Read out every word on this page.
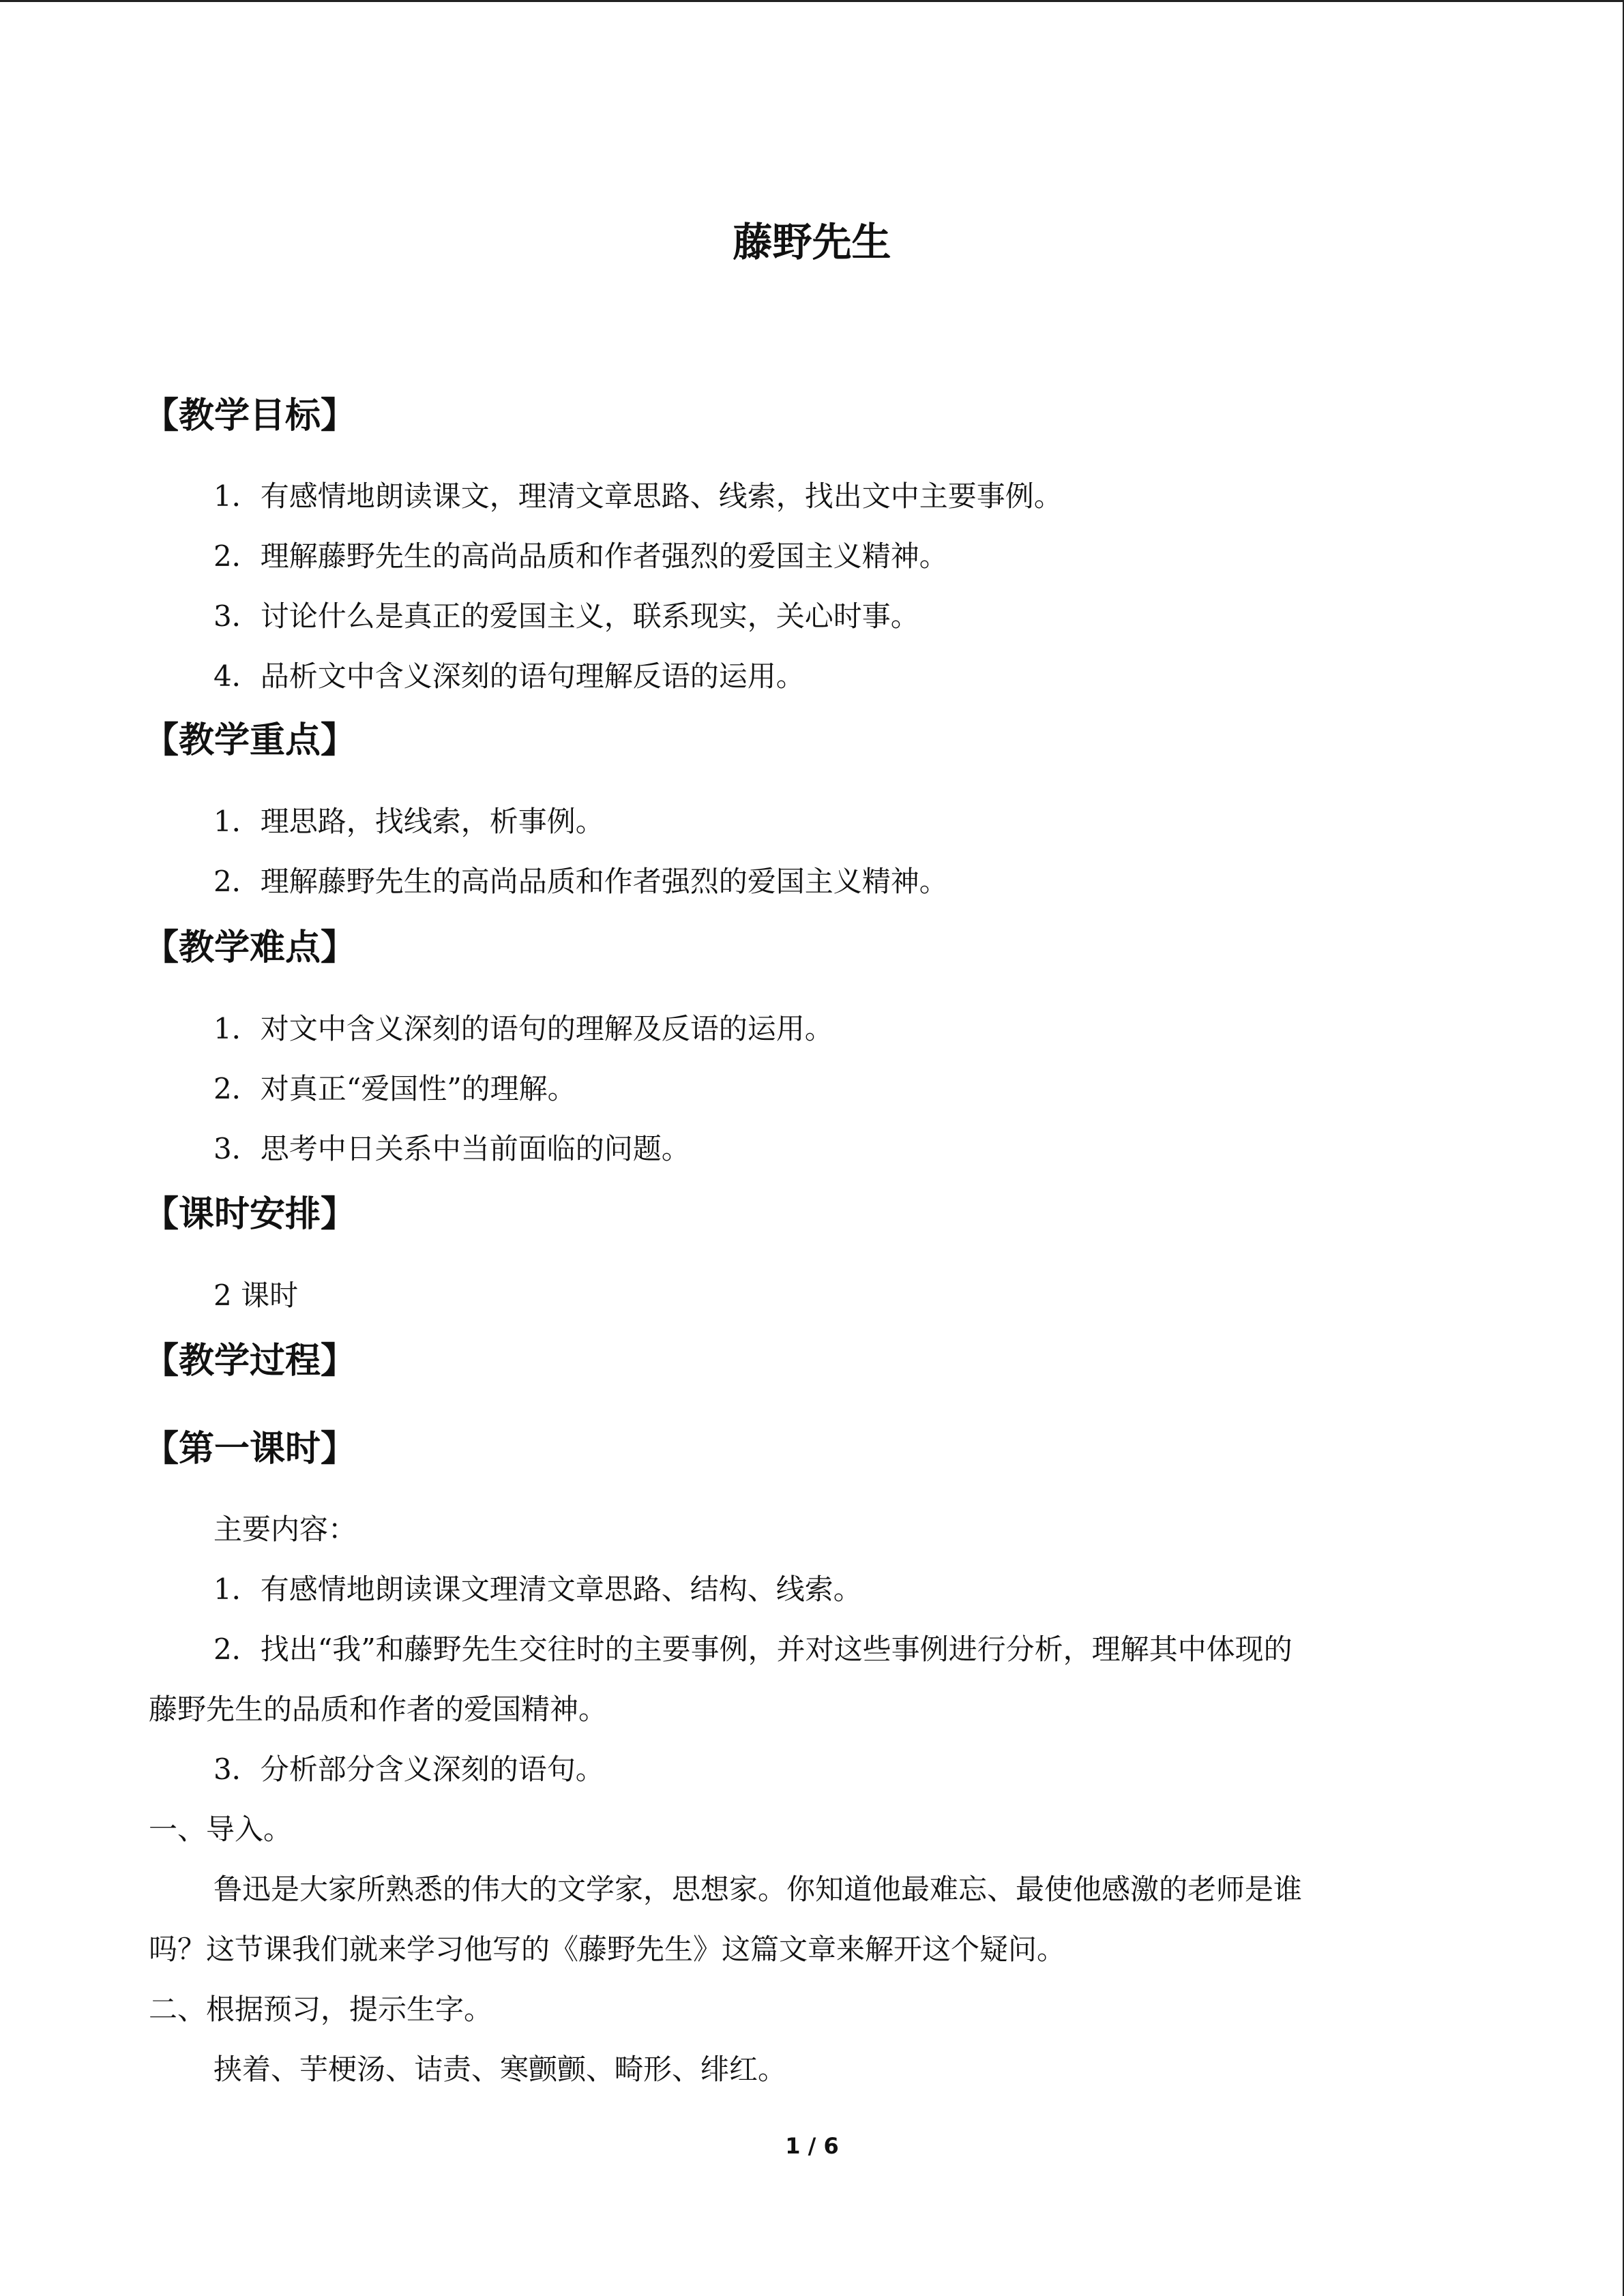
藤野先生
【教学目标】
1．有感情地朗读课文，理清文章思路、线索，找出文中主要事例。
2．理解藤野先生的高尚品质和作者强烈的爱国主义精神。
3．讨论什么是真正的爱国主义，联系现实，关心时事。
4．品析文中含义深刻的语句理解反语的运用。
【教学重点】
1．理思路，找线索，析事例。
2．理解藤野先生的高尚品质和作者强烈的爱国主义精神。
【教学难点】
1．对文中含义深刻的语句的理解及反语的运用。
2．对真正“爱国性”的理解。
3．思考中日关系中当前面临的问题。
【课时安排】
2 课时
【教学过程】
【第一课时】
主要内容：
1．有感情地朗读课文理清文章思路、结构、线索。
2．找出“我”和藤野先生交往时的主要事例，并对这些事例进行分析，理解其中体现的
藤野先生的品质和作者的爱国精神。
3．分析部分含义深刻的语句。
一、导入。
鲁迅是大家所熟悉的伟大的文学家，思想家。你知道他最难忘、最使他感激的老师是谁
吗？这节课我们就来学习他写的《藤野先生》这篇文章来解开这个疑问。
二、根据预习，提示生字。
挟着、芋梗汤、诘责、寒颤颤、畸形、绯红。
1 / 6
